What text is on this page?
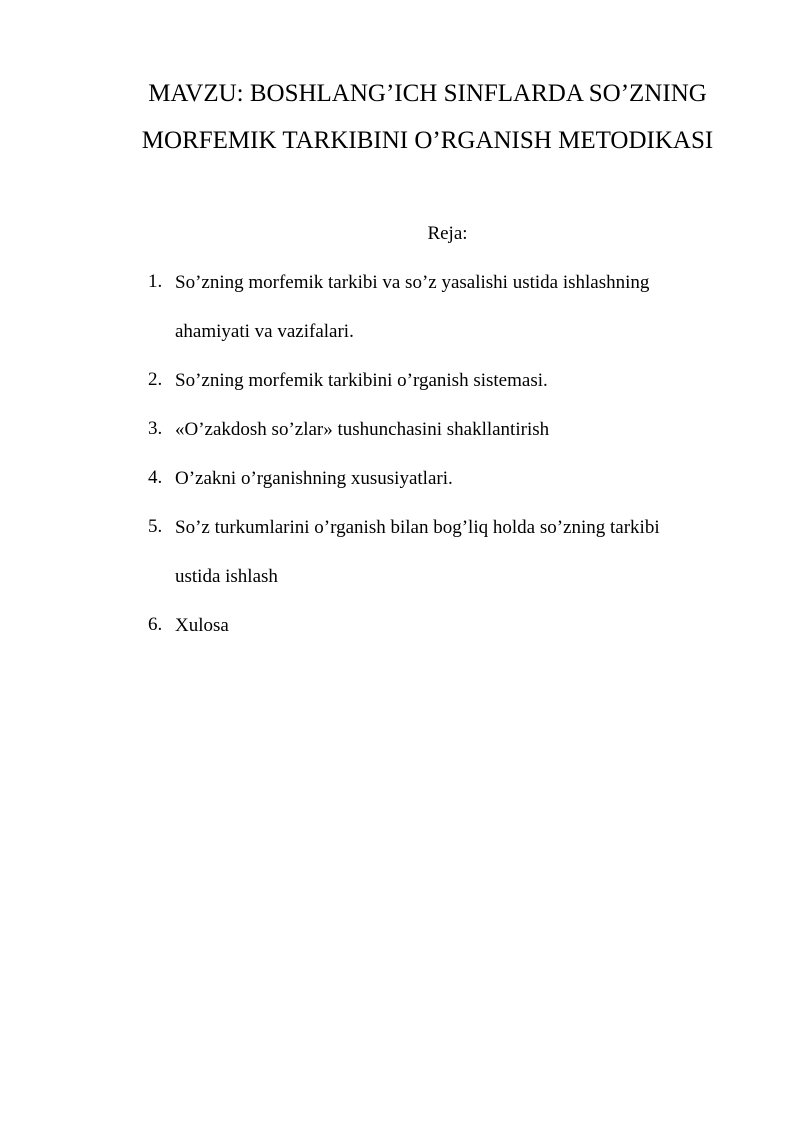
MAVZU: BOSHLANG’ICH SINFLARDA SO’ZNING
MORFEMIK TARKIBINI O’RGANISH METODIKASI
Reja:
1. So’zning morfemik tarkibi va so’z yasalishi ustida ishlashning
ahamiyati va vazifalari.
2. So’zning morfemik tarkibini o’rganish sistemasi.
3. «O’zakdosh so’zlar» tushunchasini shakllantirish
4. O’zakni o’rganishning xususiyatlari.
5. So’z turkumlarini o’rganish bilan bog’liq holda so’zning tarkibi
ustida ishlash
6. Xulosa
